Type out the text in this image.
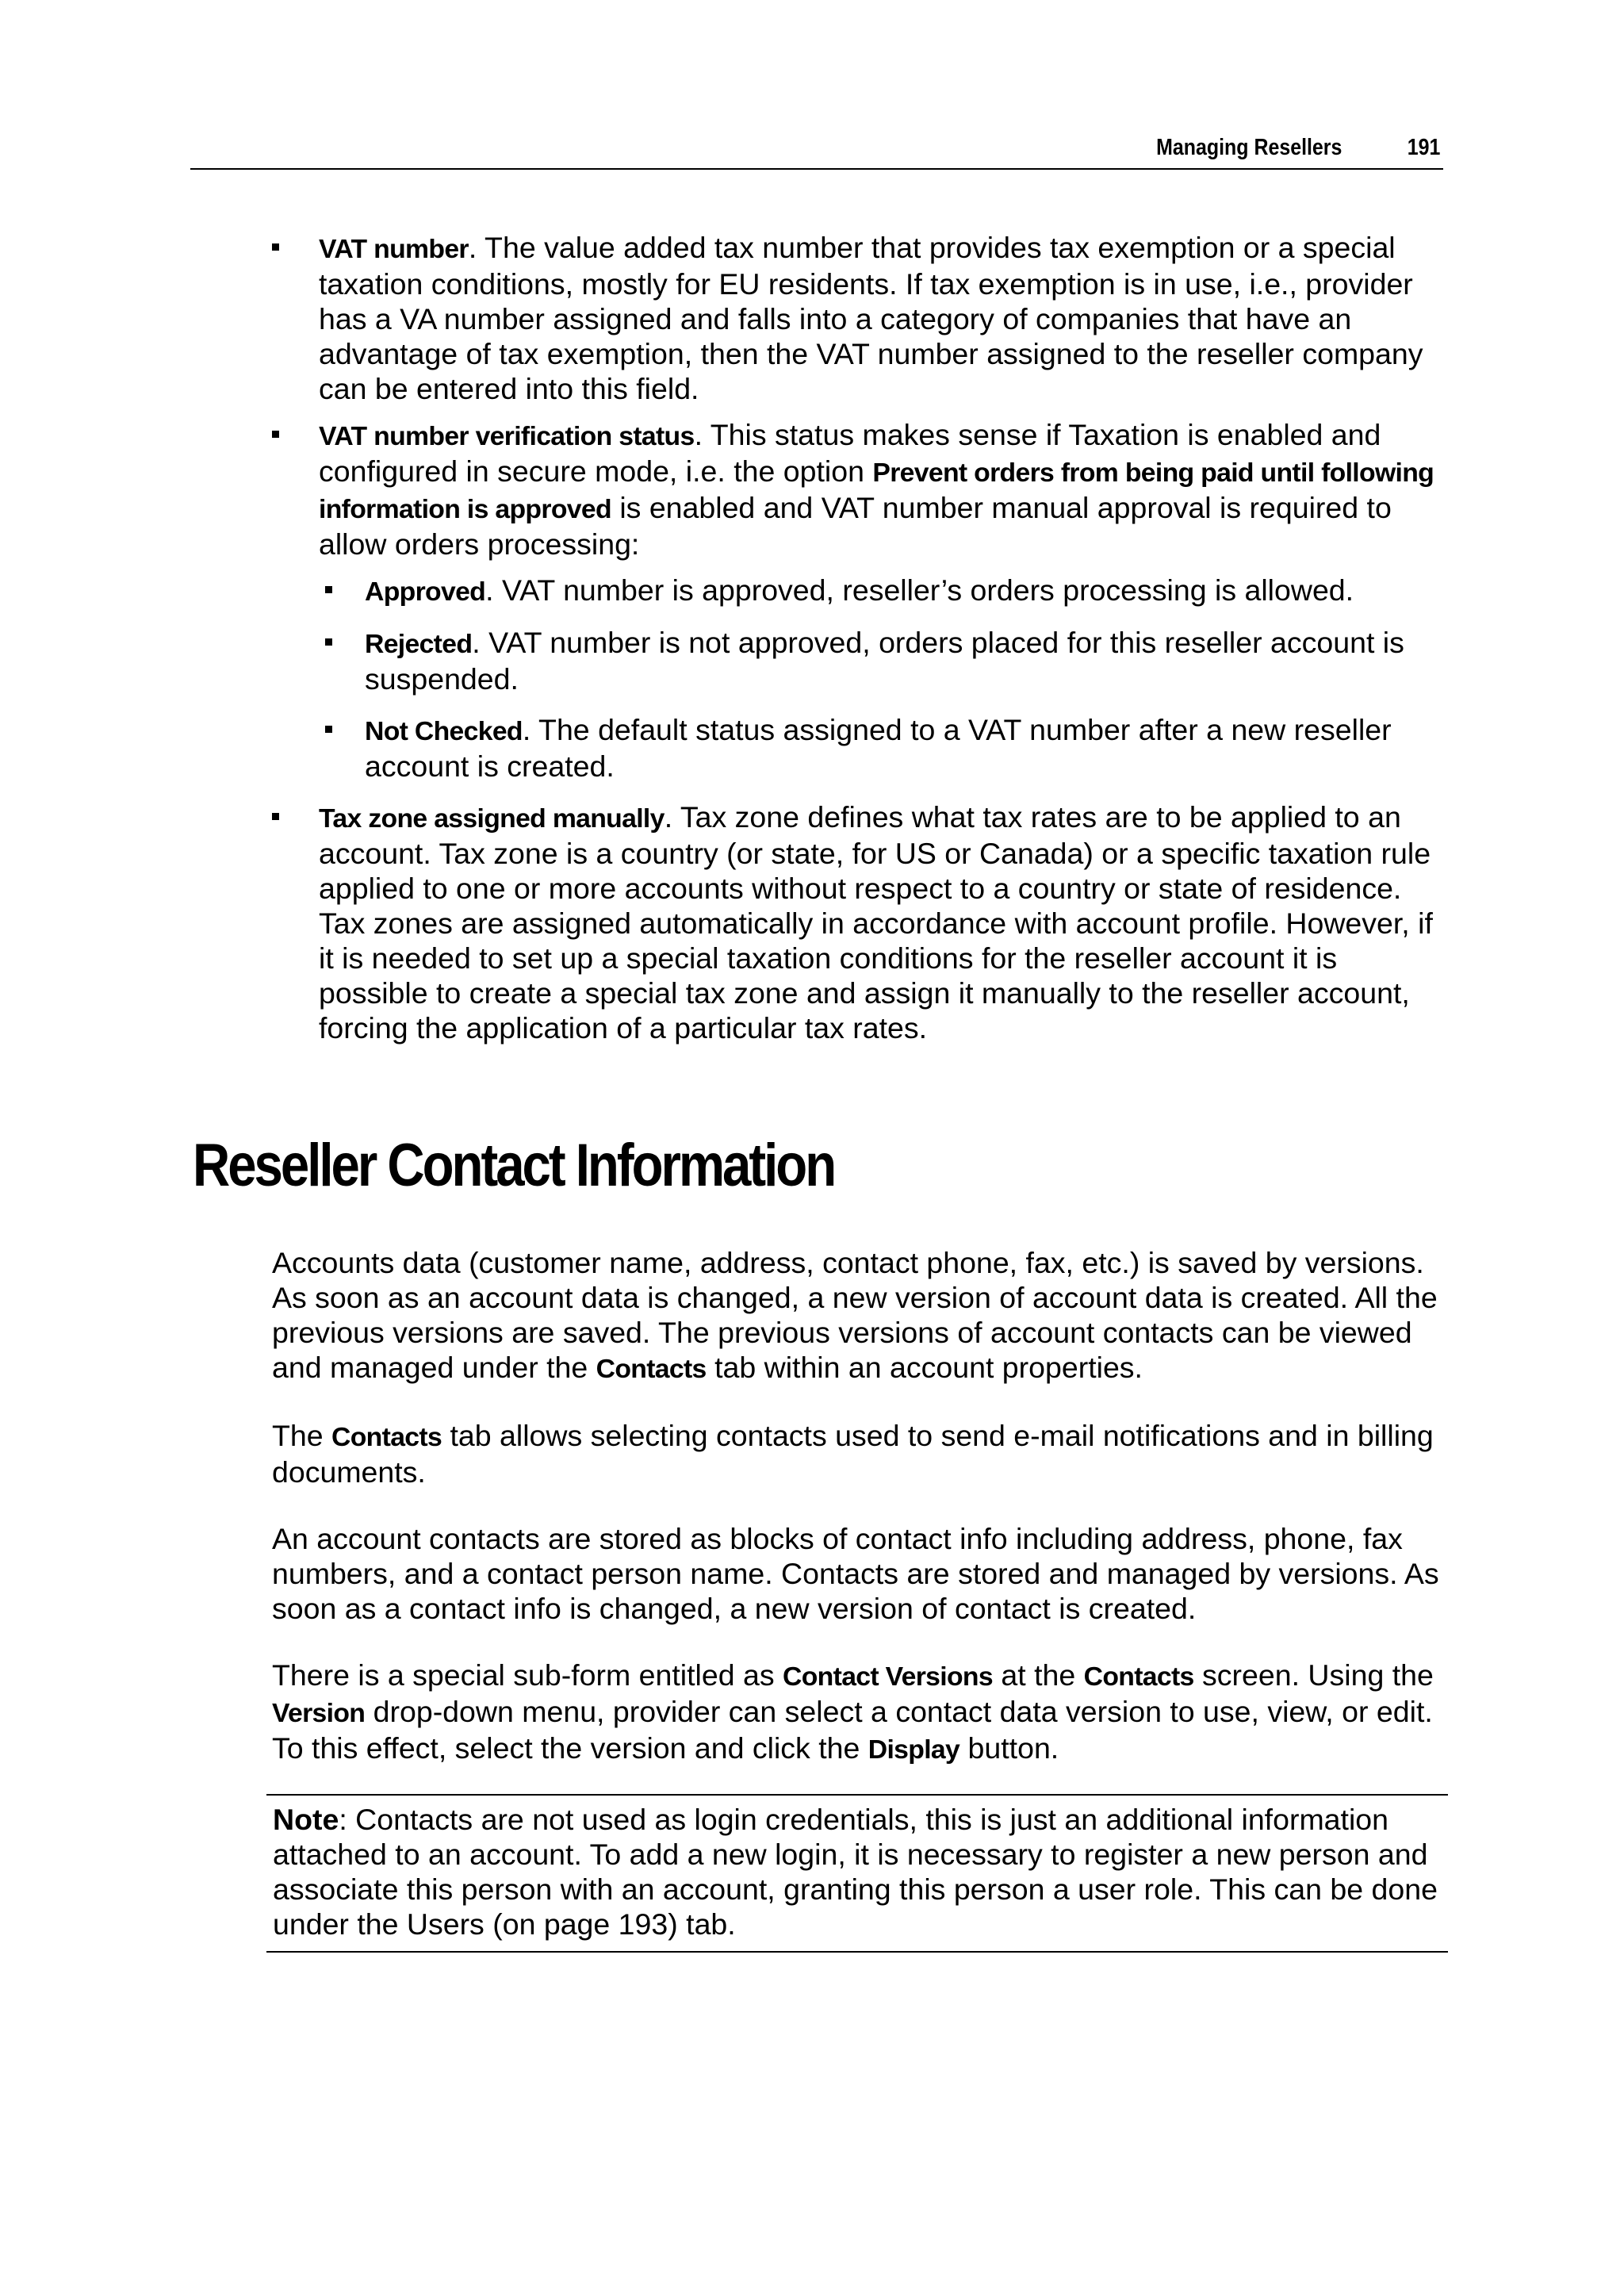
Managing Resellers	191
VAT number. The value added tax number that provides tax exemption or a special taxation conditions, mostly for EU residents. If tax exemption is in use, i.e., provider has a VA number assigned and falls into a category of companies that have an advantage of tax exemption, then the VAT number assigned to the reseller company can be entered into this field.
VAT number verification status. This status makes sense if Taxation is enabled and configured in secure mode, i.e. the option Prevent orders from being paid until following information is approved is enabled and VAT number manual approval is required to allow orders processing:
Approved. VAT number is approved, reseller’s orders processing is allowed.
Rejected. VAT number is not approved, orders placed for this reseller account is suspended.
Not Checked. The default status assigned to a VAT number after a new reseller account is created.
Tax zone assigned manually. Tax zone defines what tax rates are to be applied to an account. Tax zone is a country (or state, for US or Canada) or a specific taxation rule applied to one or more accounts without respect to a country or state of residence. Tax zones are assigned automatically in accordance with account profile. However, if it is needed to set up a special taxation conditions for the reseller account it is possible to create a special tax zone and assign it manually to the reseller account, forcing the application of a particular tax rates.
Reseller Contact Information

Accounts data (customer name, address, contact phone, fax, etc.) is saved by versions. As soon as an account data is changed, a new version of account data is created. All the previous versions are saved. The previous versions of account contacts can be viewed and managed under the Contacts tab within an account properties.

The Contacts tab allows selecting contacts used to send e-mail notifications and in billing documents.

An account contacts are stored as blocks of contact info including address, phone, fax numbers, and a contact person name. Contacts are stored and managed by versions. As soon as a contact info is changed, a new version of contact is created.

There is a special sub-form entitled as Contact Versions at the Contacts screen. Using the Version drop-down menu, provider can select a contact data version to use, view, or edit. To this effect, select the version and click the Display button.

Note: Contacts are not used as login credentials, this is just an additional information attached to an account. To add a new login, it is necessary to register a new person and associate this person with an account, granting this person a user role. This can be done under the Users (on page 193) tab.
